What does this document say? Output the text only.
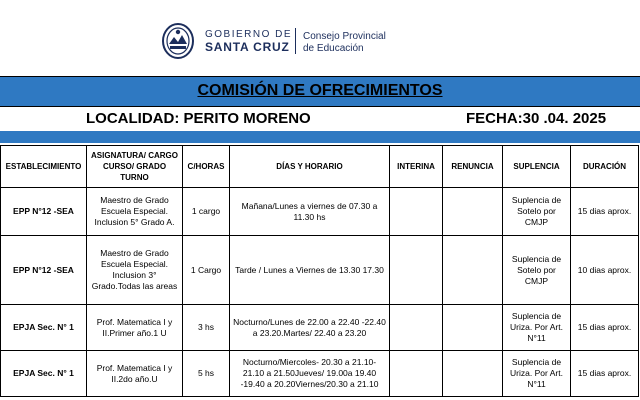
GOBIERNO DE
SANTA CRUZ
Consejo Provincial
de Educación
COMISIÓN DE OFRECIMIENTOS
LOCALIDAD: PERITO MORENO	FECHA:30 .04. 2025
ESTABLECIMIENTO	ASIGNATURA/ CARGO CURSO/ GRADO TURNO	C/HORAS	DÍAS Y HORARIO	INTERINA	RENUNCIA	SUPLENCIA	DURACIÓN
EPP N°12 -SEA	Maestro de Grado Escuela Especial. Inclusion 5° Grado A.	1 cargo	Mañana/Lunes a viernes de 07.30 a 11.30 hs			Suplencia de Sotelo por CMJP	15 dias aprox.
EPP N°12 -SEA	Maestro de Grado Escuela Especial. Inclusion 3° Grado.Todas las areas	1 Cargo	Tarde / Lunes a Viernes de 13.30 17.30			Suplencia de Sotelo por CMJP	10 dias aprox.
EPJA Sec. N° 1	Prof. Matematica I y II.Primer año.1 U	3 hs	Nocturno/Lunes de 22.00 a 22.40 -22.40 a 23.20.Martes/ 22.40 a 23.20			Suplencia de Uriza. Por Art. N°11	15 dias aprox.
EPJA Sec. N° 1	Prof. Matematica I y II.2do año.U	5 hs	Nocturno/Miercoles- 20.30 a 21.10- 21.10 a 21.50Jueves/ 19.00a 19.40 -19.40 a 20.20Viernes/20.30 a 21.10			Suplencia de Uriza. Por Art. N°11	15 dias aprox.
